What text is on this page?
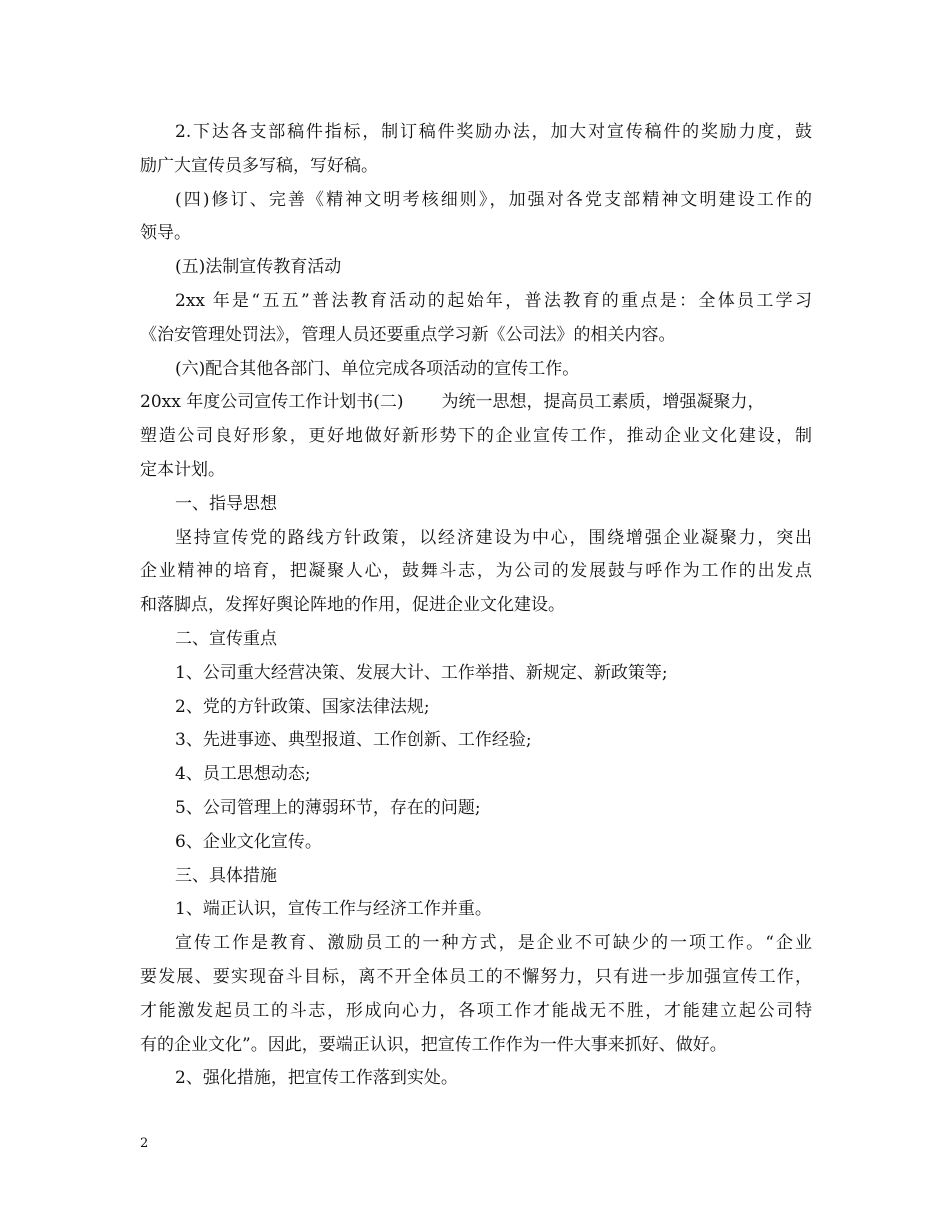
2.下达各支部稿件指标，制订稿件奖励办法，加大对宣传稿件的奖励力度，鼓
励广大宣传员多写稿，写好稿。
(四)修订、完善《精神文明考核细则》，加强对各党支部精神文明建设工作的
领导。
(五)法制宣传教育活动
2xx 年是“五五”普法教育活动的起始年，普法教育的重点是：全体员工学习
《治安管理处罚法》，管理人员还要重点学习新《公司法》的相关内容。
(六)配合其他各部门、单位完成各项活动的宣传工作。
20xx 年度公司宣传工作计划书(二) 为统一思想，提高员工素质，增强凝聚力，
塑造公司良好形象，更好地做好新形势下的企业宣传工作，推动企业文化建设，制
定本计划。
一、指导思想
坚持宣传党的路线方针政策，以经济建设为中心，围绕增强企业凝聚力，突出
企业精神的培育，把凝聚人心，鼓舞斗志，为公司的发展鼓与呼作为工作的出发点
和落脚点，发挥好舆论阵地的作用，促进企业文化建设。
二、宣传重点
1、公司重大经营决策、发展大计、工作举措、新规定、新政策等;
2、党的方针政策、国家法律法规;
3、先进事迹、典型报道、工作创新、工作经验;
4、员工思想动态;
5、公司管理上的薄弱环节，存在的问题;
6、企业文化宣传。
三、具体措施
1、端正认识，宣传工作与经济工作并重。
宣传工作是教育、激励员工的一种方式，是企业不可缺少的一项工作。“企业
要发展、要实现奋斗目标，离不开全体员工的不懈努力，只有进一步加强宣传工作，
才能激发起员工的斗志，形成向心力，各项工作才能战无不胜，才能建立起公司特
有的企业文化”。因此，要端正认识，把宣传工作作为一件大事来抓好、做好。
2、强化措施，把宣传工作落到实处。
2
